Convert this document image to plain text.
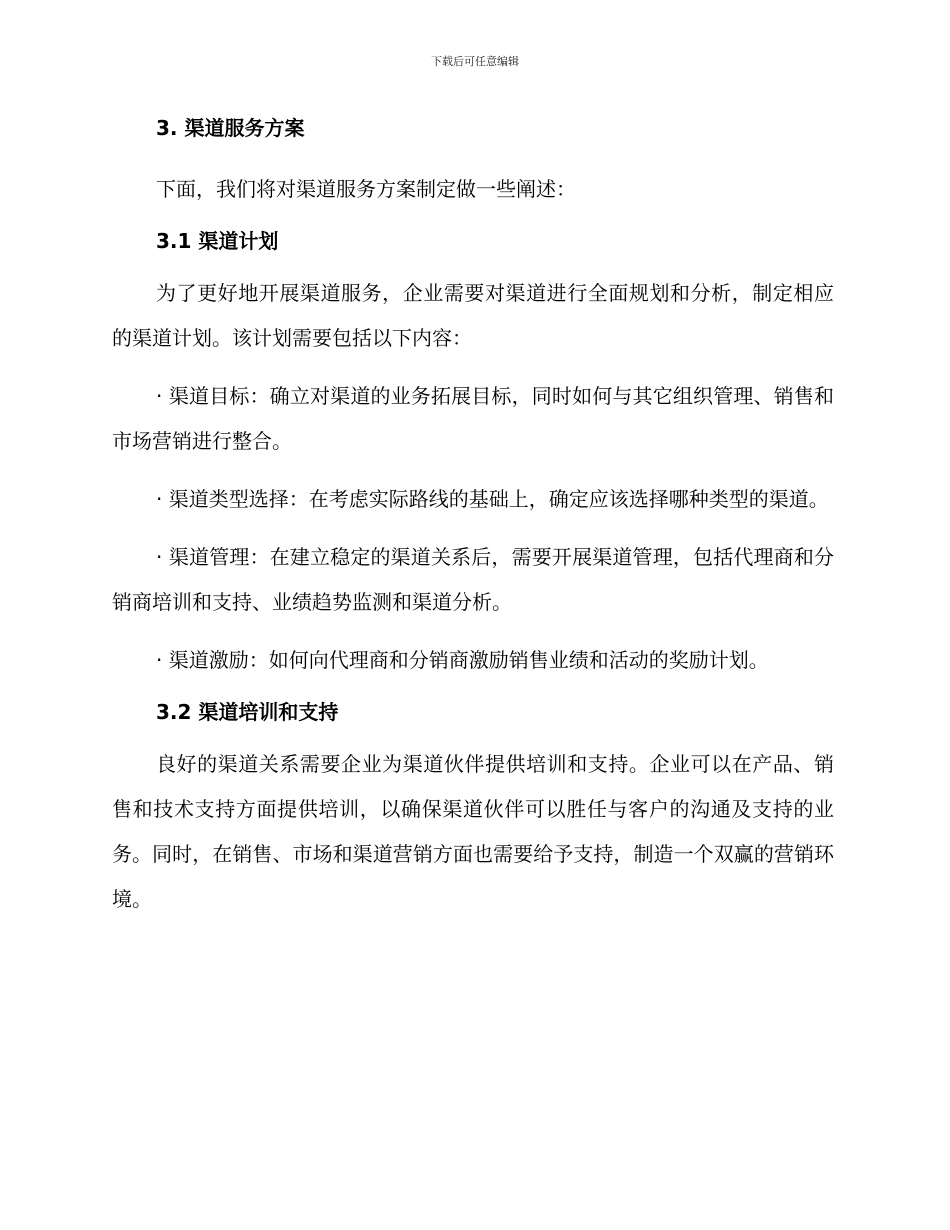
下载后可任意编辑

3. 渠道服务方案

下面，我们将对渠道服务方案制定做一些阐述：

3.1 渠道计划

为了更好地开展渠道服务，企业需要对渠道进行全面规划和分析，制定相应的渠道计划。该计划需要包括以下内容：

· 渠道目标：确立对渠道的业务拓展目标，同时如何与其它组织管理、销售和市场营销进行整合。

· 渠道类型选择：在考虑实际路线的基础上，确定应该选择哪种类型的渠道。

· 渠道管理：在建立稳定的渠道关系后，需要开展渠道管理，包括代理商和分销商培训和支持、业绩趋势监测和渠道分析。

· 渠道激励：如何向代理商和分销商激励销售业绩和活动的奖励计划。

3.2 渠道培训和支持

良好的渠道关系需要企业为渠道伙伴提供培训和支持。企业可以在产品、销售和技术支持方面提供培训，以确保渠道伙伴可以胜任与客户的沟通及支持的业务。同时，在销售、市场和渠道营销方面也需要给予支持，制造一个双赢的营销环境。
